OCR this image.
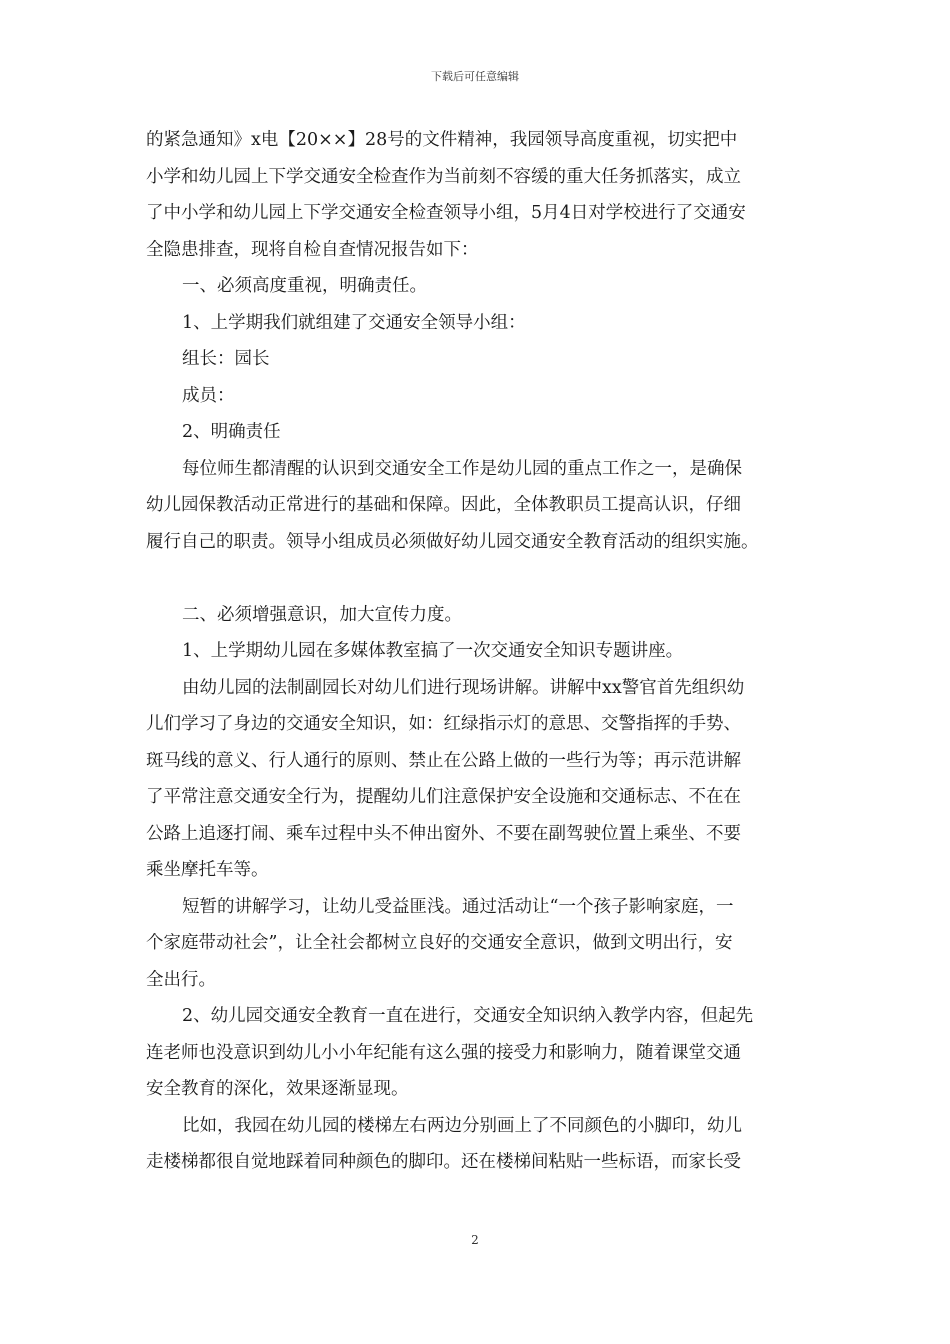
下载后可任意编辑

的紧急通知》x电【20××】28号的文件精神，我园领导高度重视，切实把中

小学和幼儿园上下学交通安全检查作为当前刻不容缓的重大任务抓落实，成立

了中小学和幼儿园上下学交通安全检查领导小组，5月4日对学校进行了交通安

全隐患排查，现将自检自查情况报告如下：

一、必须高度重视，明确责任。

1、上学期我们就组建了交通安全领导小组：

组长：园长

成员：

2、明确责任

每位师生都清醒的认识到交通安全工作是幼儿园的重点工作之一，是确保

幼儿园保教活动正常进行的基础和保障。因此，全体教职员工提高认识，仔细

履行自己的职责。领导小组成员必须做好幼儿园交通安全教育活动的组织实施。

二、必须增强意识，加大宣传力度。

1、上学期幼儿园在多媒体教室搞了一次交通安全知识专题讲座。

由幼儿园的法制副园长对幼儿们进行现场讲解。讲解中xx警官首先组织幼

儿们学习了身边的交通安全知识，如：红绿指示灯的意思、交警指挥的手势、

斑马线的意义、行人通行的原则、禁止在公路上做的一些行为等；再示范讲解

了平常注意交通安全行为，提醒幼儿们注意保护安全设施和交通标志、不在在

公路上追逐打闹、乘车过程中头不伸出窗外、不要在副驾驶位置上乘坐、不要

乘坐摩托车等。

短暂的讲解学习，让幼儿受益匪浅。通过活动让“一个孩子影响家庭，一

个家庭带动社会”，让全社会都树立良好的交通安全意识，做到文明出行，安

全出行。

2、幼儿园交通安全教育一直在进行，交通安全知识纳入教学内容，但起先

连老师也没意识到幼儿小小年纪能有这么强的接受力和影响力，随着课堂交通

安全教育的深化，效果逐渐显现。

比如，我园在幼儿园的楼梯左右两边分别画上了不同颜色的小脚印，幼儿

走楼梯都很自觉地踩着同种颜色的脚印。还在楼梯间粘贴一些标语，而家长受

2
